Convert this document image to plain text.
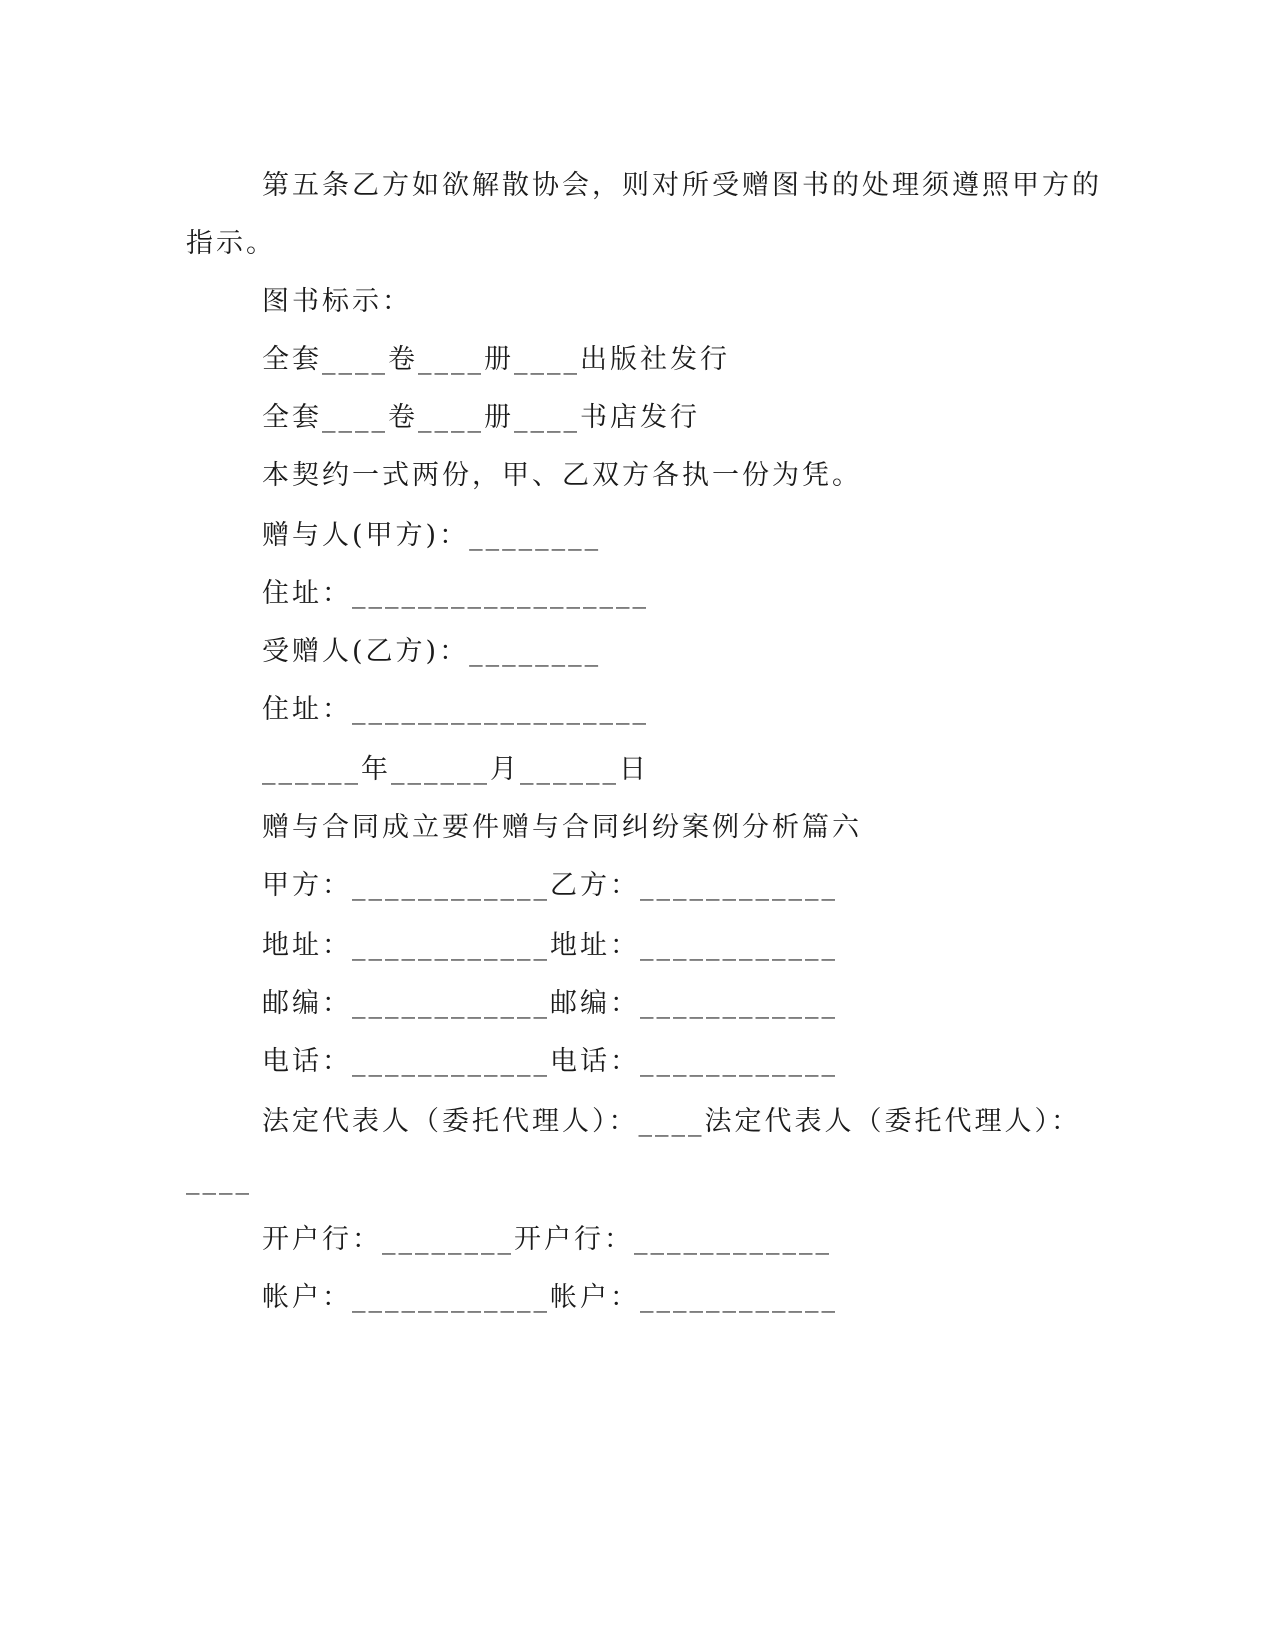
第五条乙方如欲解散协会，则对所受赠图书的处理须遵照甲方的
指示。
图书标示：
全套____卷____册____出版社发行
全套____卷____册____书店发行
本契约一式两份，甲、乙双方各执一份为凭。
赠与人(甲方)：________
住址：__________________
受赠人(乙方)：________
住址：__________________
______年______月______日
赠与合同成立要件赠与合同纠纷案例分析篇六
甲方：____________乙方：____________
地址：____________地址：____________
邮编：____________邮编：____________
电话：____________电话：____________
法定代表人（委托代理人）：____法定代表人（委托代理人）：
____
开户行：________开户行：____________
帐户：____________帐户：____________
